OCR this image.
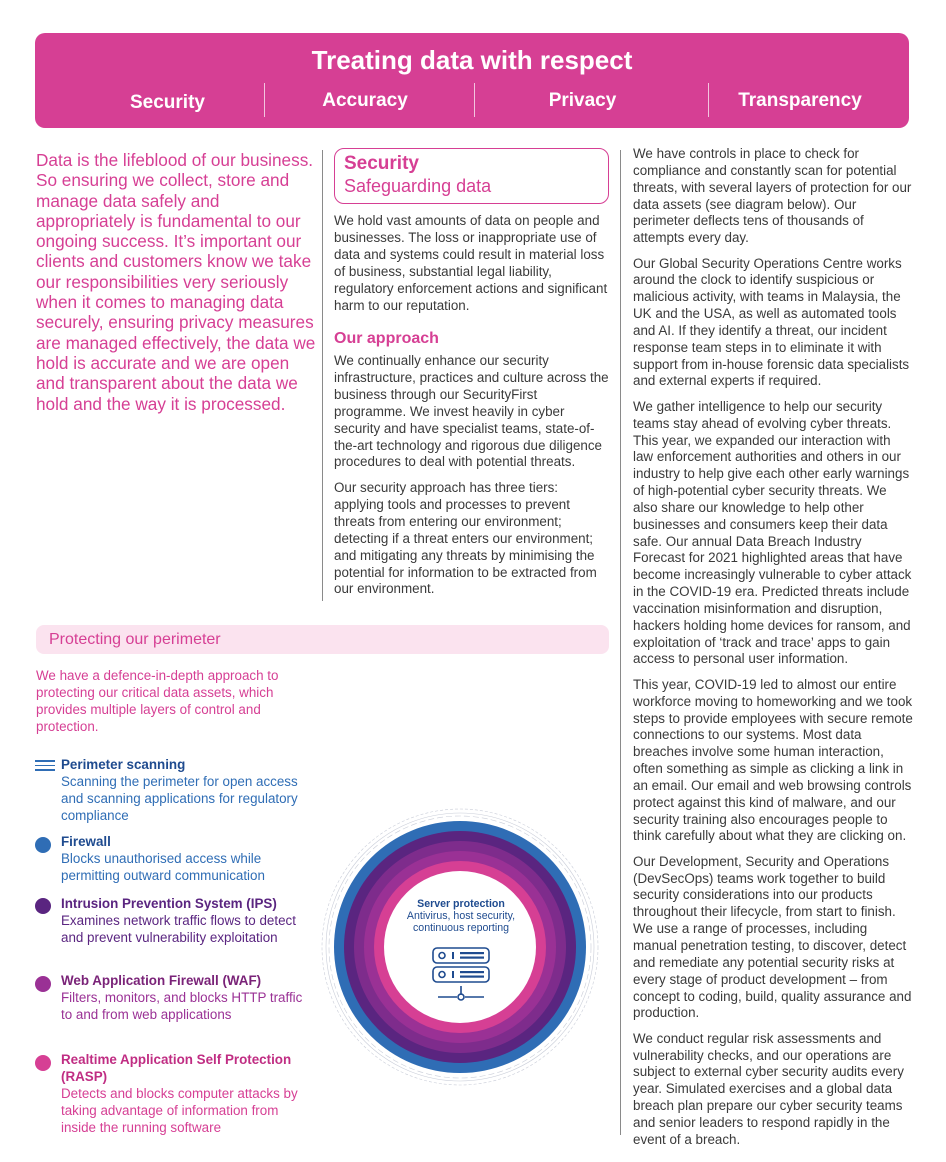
Treating data with respect
Security	Accuracy	Privacy	Transparency
Data is the lifeblood of our business. So ensuring we collect, store and manage data safely and appropriately is fundamental to our ongoing success. It’s important our clients and customers know we take our responsibilities very seriously when it comes to managing data securely, ensuring privacy measures are managed effectively, the data we hold is accurate and we are open and transparent about the data we hold and the way it is processed.
Security
Safeguarding data
We hold vast amounts of data on people and businesses. The loss or inappropriate use of data and systems could result in material loss of business, substantial legal liability, regulatory enforcement actions and significant harm to our reputation.
Our approach
We continually enhance our security infrastructure, practices and culture across the business through our SecurityFirst programme. We invest heavily in cyber security and have specialist teams, state-of-the-art technology and rigorous due diligence procedures to deal with potential threats.
Our security approach has three tiers: applying tools and processes to prevent threats from entering our environment; detecting if a threat enters our environment; and mitigating any threats by minimising the potential for information to be extracted from our environment.

We have controls in place to check for compliance and constantly scan for potential threats, with several layers of protection for our data assets (see diagram below). Our perimeter deflects tens of thousands of attempts every day.

Our Global Security Operations Centre works around the clock to identify suspicious or malicious activity, with teams in Malaysia, the UK and the USA, as well as automated tools and AI. If they identify a threat, our incident response team steps in to eliminate it with support from in-house forensic data specialists and external experts if required.

We gather intelligence to help our security teams stay ahead of evolving cyber threats. This year, we expanded our interaction with law enforcement authorities and others in our industry to help give each other early warnings of high-potential cyber security threats. We also share our knowledge to help other businesses and consumers keep their data safe. Our annual Data Breach Industry Forecast for 2021 highlighted areas that have become increasingly vulnerable to cyber attack in the COVID-19 era. Predicted threats include vaccination misinformation and disruption, hackers holding home devices for ransom, and exploitation of ‘track and trace’ apps to gain access to personal user information.

This year, COVID-19 led to almost our entire workforce moving to homeworking and we took steps to provide employees with secure remote connections to our systems. Most data breaches involve some human interaction, often something as simple as clicking a link in an email. Our email and web browsing controls protect against this kind of malware, and our security training also encourages people to think carefully about what they are clicking on.

Our Development, Security and Operations (DevSecOps) teams work together to build security considerations into our products throughout their lifecycle, from start to finish. We use a range of processes, including manual penetration testing, to discover, detect and remediate any potential security risks at every stage of product development – from concept to coding, build, quality assurance and production.

We conduct regular risk assessments and vulnerability checks, and our operations are subject to external cyber security audits every year. Simulated exercises and a global data breach plan prepare our cyber security teams and senior leaders to respond rapidly in the event of a breach.

Protecting our perimeter
We have a defence-in-depth approach to protecting our critical data assets, which provides multiple layers of control and protection.
Perimeter scanning
Scanning the perimeter for open access and scanning applications for regulatory compliance
Firewall
Blocks unauthorised access while permitting outward communication
Intrusion Prevention System (IPS)
Examines network traffic flows to detect and prevent vulnerability exploitation
Web Application Firewall (WAF)
Filters, monitors, and blocks HTTP traffic to and from web applications
Realtime Application Self Protection (RASP)
Detects and blocks computer attacks by taking advantage of information from inside the running software
Server protection
Antivirus, host security, continuous reporting
